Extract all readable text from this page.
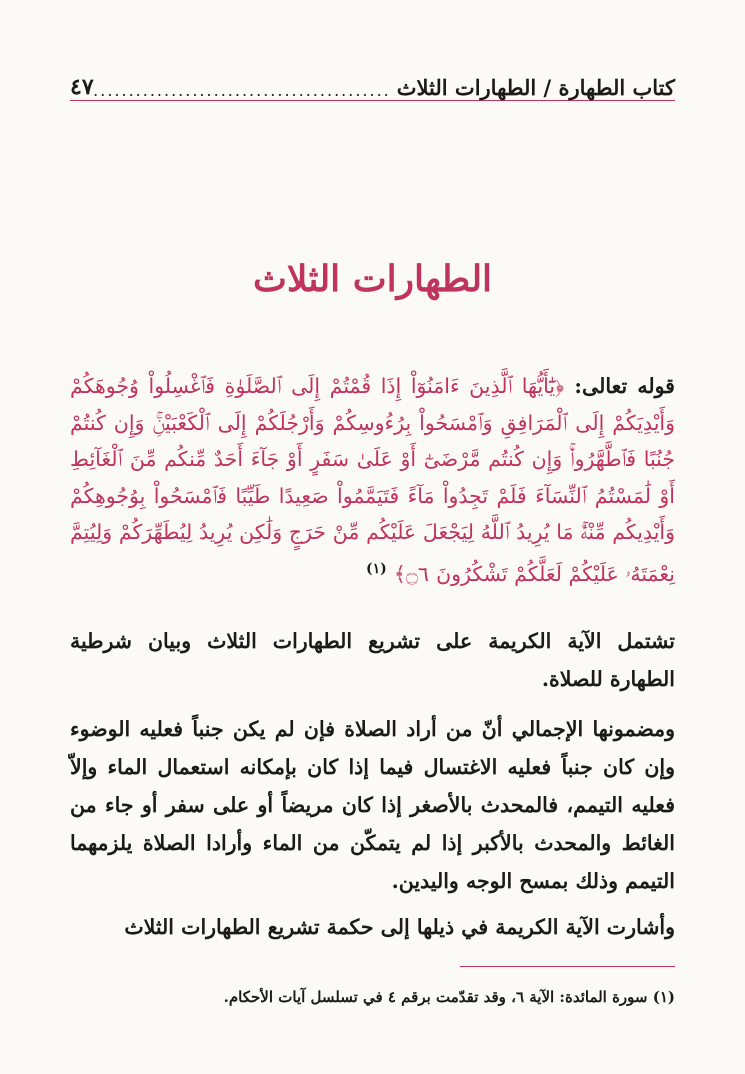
كتاب الطهارة / الطهارات الثلاث
..........................................
٤٧
الطهارات الثلاث
قوله تعالى: ﴿يَٰٓأَيُّهَا ٱلَّذِينَ ءَامَنُوٓاْ إِذَا قُمْتُمْ إِلَى ٱلصَّلَوٰةِ فَٱغْسِلُواْ وُجُوهَكُمْ وَأَيْدِيَكُمْ إِلَى ٱلْمَرَافِقِ وَٱمْسَحُواْ بِرُءُوسِكُمْ وَأَرْجُلَكُمْ إِلَى ٱلْكَعْبَيْنِۚ وَإِن كُنتُمْ جُنُبًا فَٱطَّهَّرُواْۚ وَإِن كُنتُم مَّرْضَىٰٓ أَوْ عَلَىٰ سَفَرٍ أَوْ جَآءَ أَحَدٌ مِّنكُم مِّنَ ٱلْغَآئِطِ أَوْ لَٰمَسْتُمُ ٱلنِّسَآءَ فَلَمْ تَجِدُواْ مَآءً فَتَيَمَّمُواْ صَعِيدًا طَيِّبًا فَٱمْسَحُواْ بِوُجُوهِكُمْ وَأَيْدِيكُم مِّنْهُۚ مَا يُرِيدُ ٱللَّهُ لِيَجْعَلَ عَلَيْكُم مِّنْ حَرَجٍ وَلَٰكِن يُرِيدُ لِيُطَهِّرَكُمْ وَلِيُتِمَّ نِعْمَتَهُۥ عَلَيْكُمْ لَعَلَّكُمْ تَشْكُرُونَ ۝٦﴾ $^{(١)}$
تشتمل الآية الكريمة على تشريع الطهارات الثلاث وبيان شرطية الطهارة للصلاة.
ومضمونها الإجمالي أنّ من أراد الصلاة فإن لم يكن جنباً فعليه الوضوء وإن كان جنباً فعليه الاغتسال فيما إذا كان بإمكانه استعمال الماء وإلاّ فعليه التيمم، فالمحدث بالأصغر إذا كان مريضاً أو على سفر أو جاء من الغائط والمحدث بالأكبر إذا لم يتمكّن من الماء وأرادا الصلاة يلزمهما التيمم وذلك بمسح الوجه واليدين.
وأشارت الآية الكريمة في ذيلها إلى حكمة تشريع الطهارات الثلاث
(١) سورة المائدة: الآية ٦، وقد تقدّمت برقم ٤ في تسلسل آيات الأحكام.
